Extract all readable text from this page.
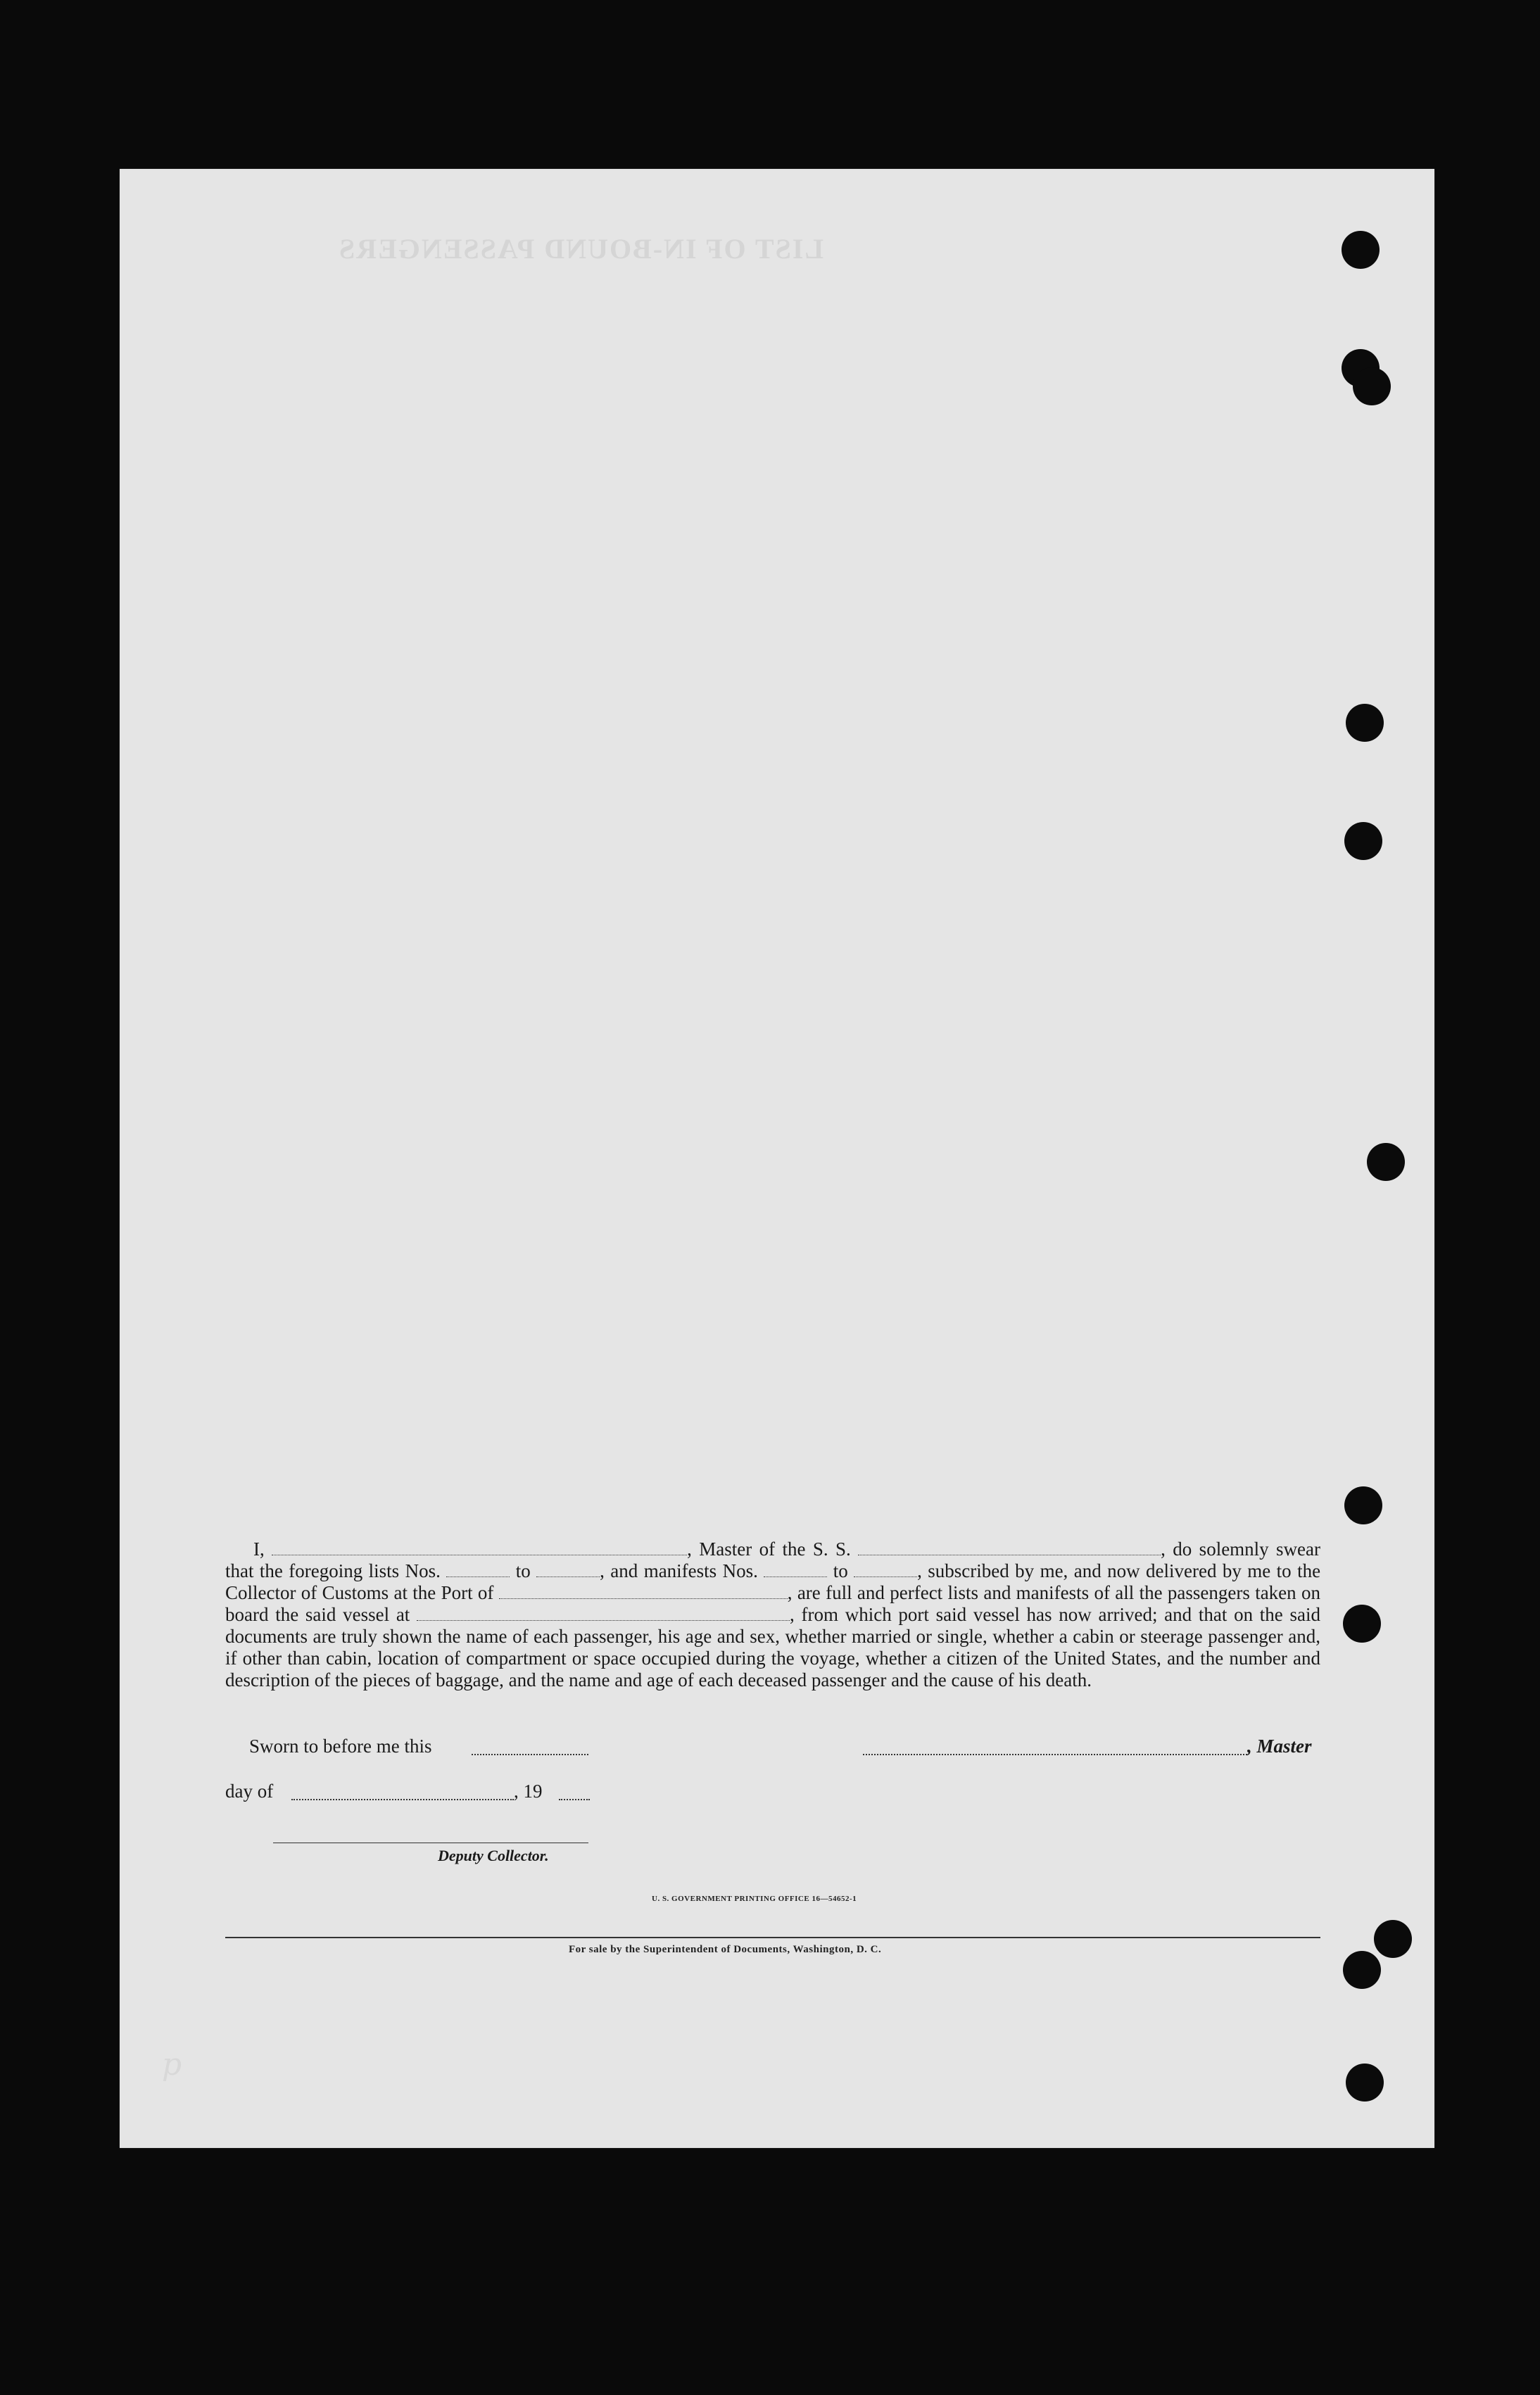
LIST OF IN-BOUND PASSENGERS

I,	, Master of the S. S.	, do solemnly swear that the foregoing lists Nos.	to	, and manifests Nos.	to	, subscribed by me, and now delivered by me to the Collector of Customs at the Port of	, are full and perfect lists and manifests of all the passengers taken on board the said vessel at	, from which port said vessel has now arrived; and that on the said documents are truly shown the name of each passenger, his age and sex, whether married or single, whether a cabin or steerage passenger and, if other than cabin, location of compartment or space occupied during the voyage, whether a citizen of the United States, and the number and description of the pieces of baggage, and the name and age of each deceased passenger and the cause of his death.

Sworn to before me this	, Master
day of	, 19
Deputy Collector.
U. S. GOVERNMENT PRINTING OFFICE 16—54652-1
For sale by the Superintendent of Documents, Washington, D. C.
p
